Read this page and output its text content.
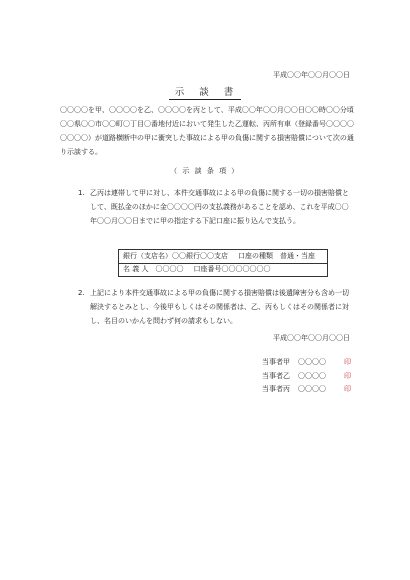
平成〇〇年〇〇月〇〇日
示 談 書
〇〇〇〇を甲、〇〇〇〇を乙、〇〇〇〇を丙として、平成〇〇年〇〇月〇〇日〇〇時〇〇分頃〇〇県〇〇市〇〇町〇丁目〇番地付近において発生した乙運転、丙所有車（登録番号〇〇〇〇〇〇〇〇）が道路横断中の甲に衝突した事故による甲の負傷に関する損害賠償について次の通り示談する。
（ 示 談 条 項 ）
1. 乙丙は連帯して甲に対し、本件交通事故による甲の負傷に関する一切の損害賠償として、既払金のほかに金〇〇〇〇円の支払義務があることを認め、これを平成〇〇年〇〇月〇〇日までに甲の指定する下記口座に振り込んで支払う。
銀行（支店名）〇〇銀行〇〇支店 口座の種類　普通・当座
名 義 人　〇〇〇〇 口座番号〇〇〇〇〇〇〇
2. 上記により本件交通事故による甲の負傷に関する損害賠償は後遺障害分も含め一切解決するとみとし、今後甲もしくはその関係者は、乙、丙もしくはその関係者に対し、名目のいかんを問わず何の請求もしない。
平成〇〇年〇〇月〇〇日
当事者甲 〇〇〇〇	印
当事者乙 〇〇〇〇	印
当事者丙 〇〇〇〇	印
